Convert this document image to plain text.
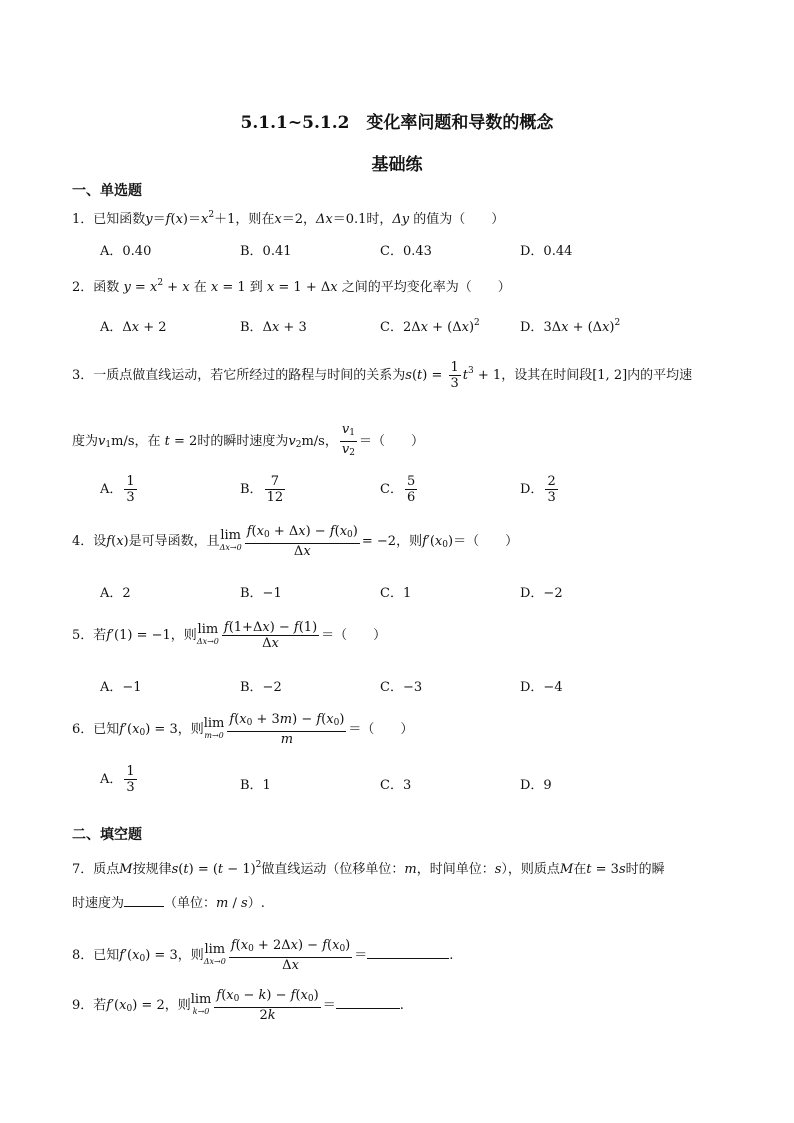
5.1.1~5.1.2　变化率问题和导数的概念
基础练
一、单选题
1．已知函数$y=f(x)=x^2+1$，则在x＝2，Δx＝0.1时，Δy 的值为（　　）
A．0.40	B．0.41	C．0.43	D．0.44
2．函数 $y = x^2 + x$ 在 x = 1 到 x = 1 + Δx 之间的平均变化率为（　　）
A．Δx + 2	B．Δx + 3	C．$2\Delta x + (\Delta x)^2$	D．$3\Delta x + (\Delta x)^2$
3．一质点做直线运动，若它所经过的路程与时间的关系为$s(t) = \frac{1}{3} t^3 + 1$，设其在时间段[1, 2]内的平均速
度为$v_1m/s$，在 t = 2时的瞬时速度为$v_2m/s$， $\frac{v_1}{v_2}$ ＝（　　）
A． $\frac{1}{3}$	B． $\frac{7}{12}$	C． $\frac{5}{6}$	D． $\frac{2}{3}$
4．设f(x)是可导函数，且 lim
$\Delta x\to 0 \frac{f(x_0 + \Delta x) - f(x_0)}{\Delta x} = -2$，则$f'(x_0)=$（　　）
A．2	B．−1	C．1	D．−2
5．若f′(1) = −1，则 lim
$\Delta x\to 0 \frac{f(1+\Delta x) - f(1)}{\Delta x}$ ＝（　　）
A．−1	B．−2	C．−3	D．−4
6．已知$f'(x_0) = 3$，则 lim
$m\to 0 \frac{f(x_0 + 3m) - f(x_0)}{m}$ ＝（　　）
A． $\frac{1}{3}$	B．1	C．3	D．9
二、填空题
7．质点M按规律$s(t) = (t - 1)^2$做直线运动（位移单位：m，时间单位：s），则质点M在t = 3s时的瞬
时速度为	（单位：m / s）.
8．已知$f'(x_0) = 3$，则 lim
$\Delta x\to 0 \frac{f(x_0 + 2\Delta x) - f(x_0)}{\Delta x}$ ＝	.
9．若$f'(x_0) = 2$，则 lim
$k\to 0 \frac{f(x_0 - k) - f(x_0)}{2k}$ ＝	.
